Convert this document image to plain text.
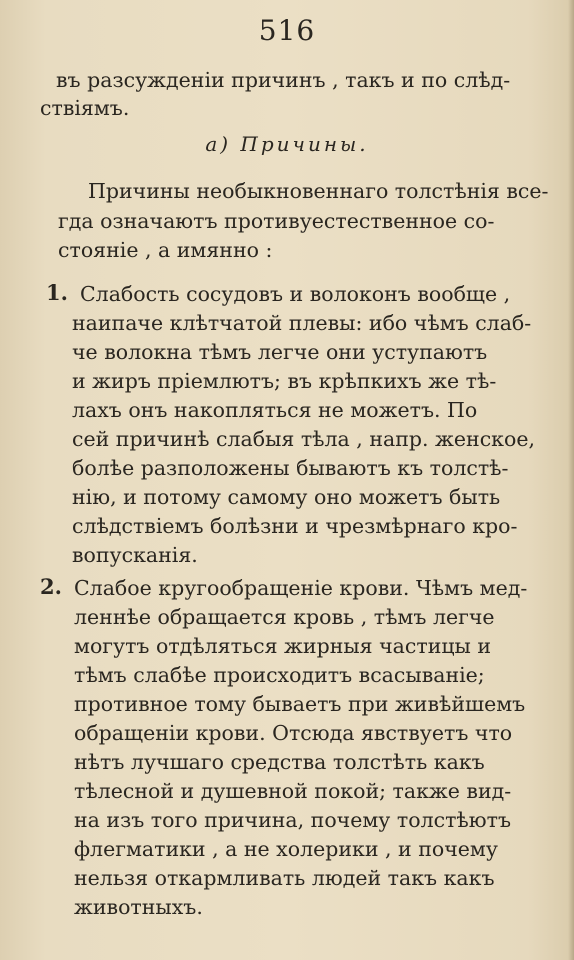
516
въ разсужденіи причинъ , такъ и по слѣд-
ствіямъ.
a) Причины.
Причины необыкновеннаго толстѣнія все-
гда означаютъ противуестественное со-
стояніе , а имянно :
1. Слабость сосудовъ и волоконъ вообще ,
наипаче клѣтчатой плевы: ибо чѣмъ слаб-
че волокна тѣмъ легче они уступаютъ
и жиръ пріемлютъ; въ крѣпкихъ же тѣ-
лахъ онъ накопляться не можетъ. По
сей причинѣ слабыя тѣла , напр. женское,
болѣе разположены бываютъ къ толстѣ-
нію, и потому самому оно можетъ быть
слѣдствіемъ болѣзни и чрезмѣрнаго кро-
вопусканія.
2. Слабое кругообращеніе крови. Чѣмъ мед-
леннѣе обращается кровь , тѣмъ легче
могутъ отдѣляться жирныя частицы и
тѣмъ слабѣе происходитъ всасываніе;
противное тому бываетъ при живѣйшемъ
обращеніи крови. Отсюда явствуетъ что
нѣтъ лучшаго средства толстѣть какъ
тѣлесной и душевной покой; также вид-
на изъ того причина, почему толстѣютъ
флегматики , а не холерики , и почему
нельзя откармливать людей такъ какъ
животныхъ.
